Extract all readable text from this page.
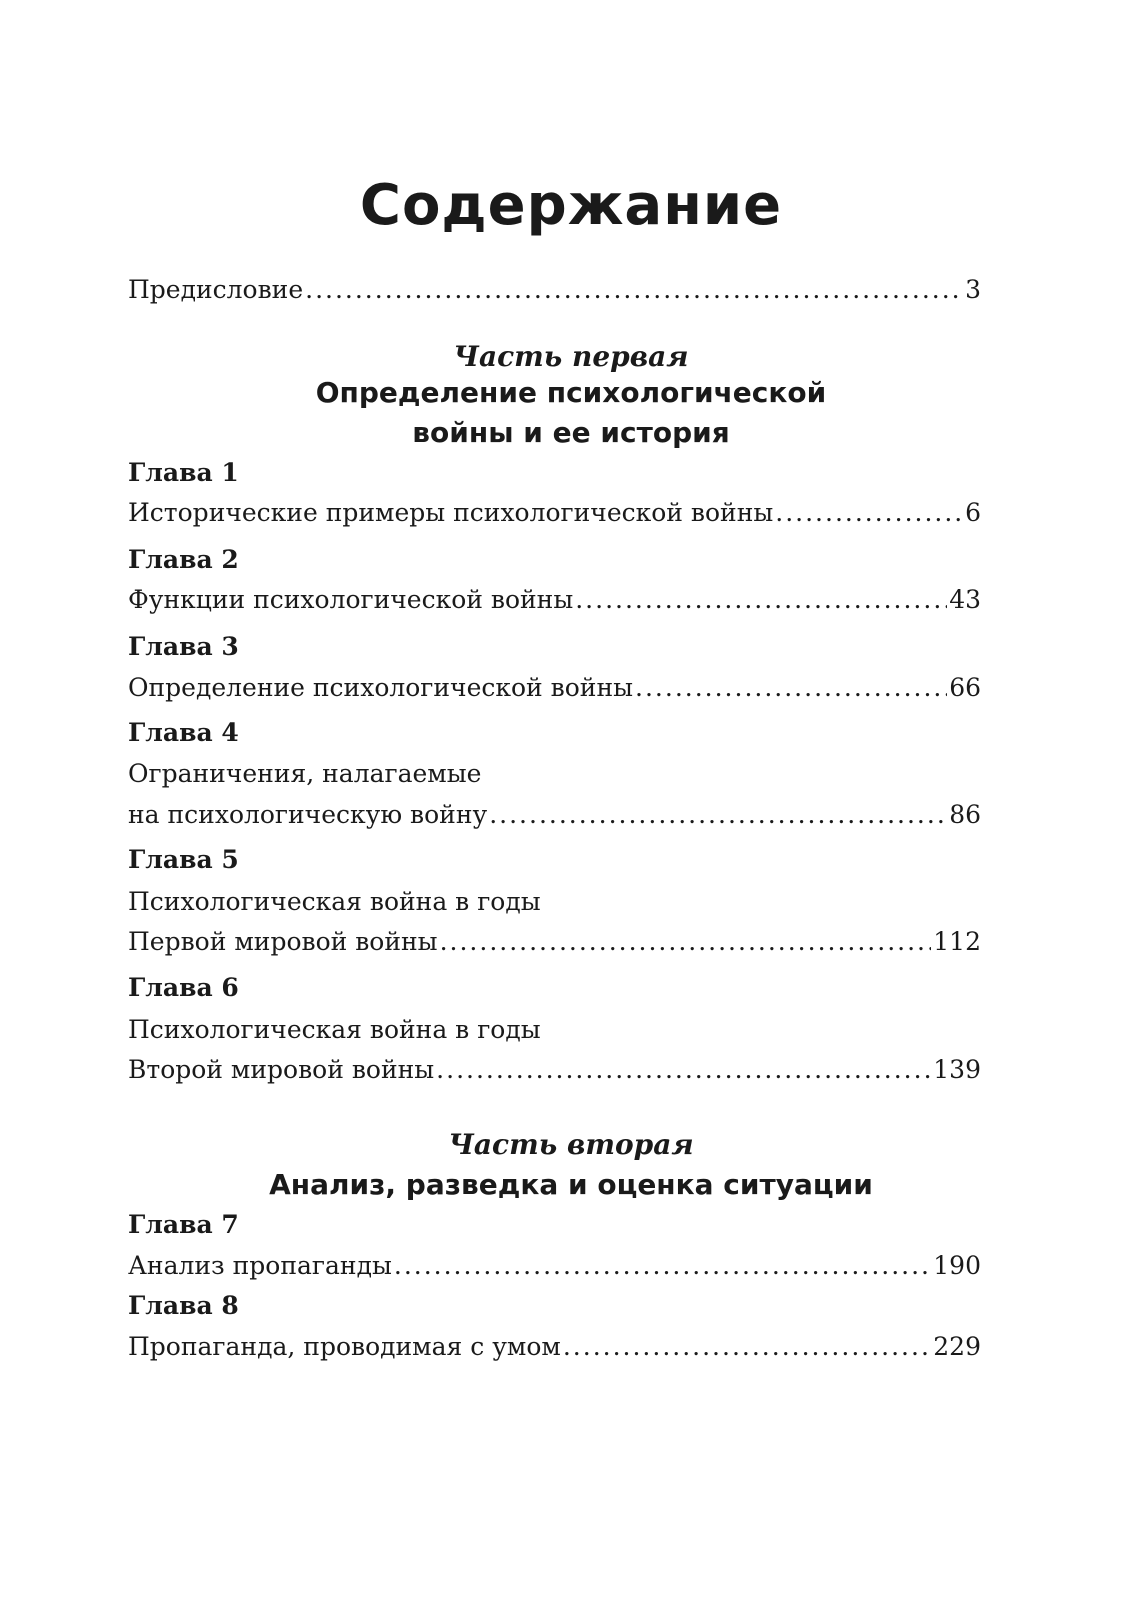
Содержание
Предисловие .....	3
Часть первая
Определение психологической
войны и ее история
Глава 1
Исторические примеры психологической войны .....	6
Глава 2
Функции психологической войны .....	43
Глава 3
Определение психологической войны .....	66
Глава 4
Ограничения, налагаемые
на психологическую войну .....	86
Глава 5
Психологическая война в годы
Первой мировой войны .....	112
Глава 6
Психологическая война в годы
Второй мировой войны .....	139
Часть вторая
Анализ, разведка и оценка ситуации
Глава 7
Анализ пропаганды .....	190
Глава 8
Пропаганда, проводимая с умом .....	229
